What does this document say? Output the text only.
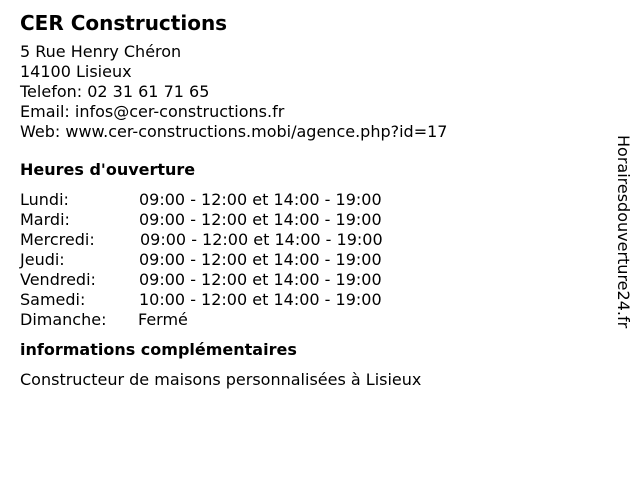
CER Constructions
5 Rue Henry Chéron
14100 Lisieux
Telefon: 02 31 61 71 65
Email: infos@cer-constructions.fr
Web: www.cer-constructions.mobi/agence.php?id=17
Heures d'ouverture
Lundi:	09:00 - 12:00 et 14:00 - 19:00
Mardi:	09:00 - 12:00 et 14:00 - 19:00
Mercredi:	09:00 - 12:00 et 14:00 - 19:00
Jeudi:	09:00 - 12:00 et 14:00 - 19:00
Vendredi:	09:00 - 12:00 et 14:00 - 19:00
Samedi:	10:00 - 12:00 et 14:00 - 19:00
Dimanche: Fermé
informations complémentaires
Constructeur de maisons personnalisées à Lisieux
Horairesdouverture24.fr
